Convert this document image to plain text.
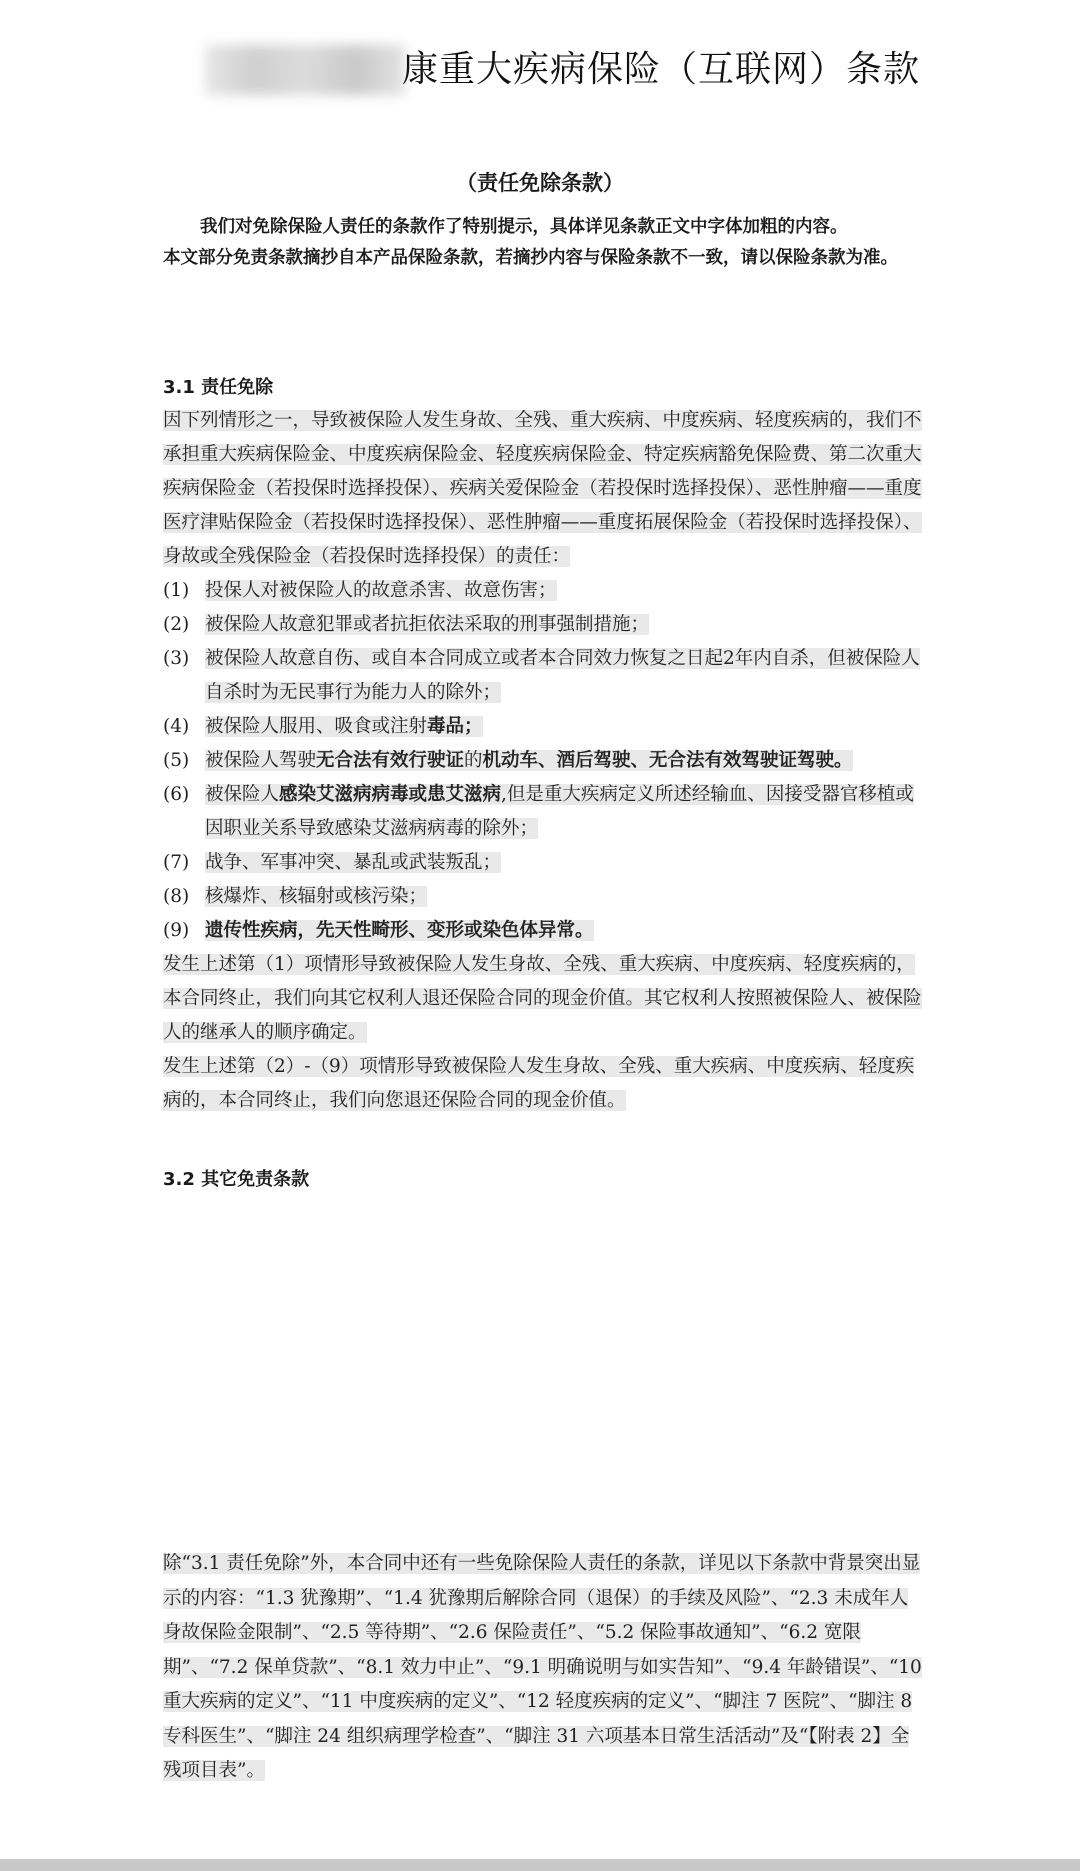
康重大疾病保险（互联网）条款
（责任免除条款）

我们对免除保险人责任的条款作了特别提示，具体详见条款正文中字体加粗的内容。

本文部分免责条款摘抄自本产品保险条款，若摘抄内容与保险条款不一致，请以保险条款为准。

3.1 责任免除

因下列情形之一，导致被保险人发生身故、全残、重大疾病、中度疾病、轻度疾病的，我们不承担重大疾病保险金、中度疾病保险金、轻度疾病保险金、特定疾病豁免保险费、第二次重大疾病保险金（若投保时选择投保）、疾病关爱保险金（若投保时选择投保）、恶性肿瘤——重度医疗津贴保险金（若投保时选择投保）、恶性肿瘤——重度拓展保险金（若投保时选择投保）、身故或全残保险金（若投保时选择投保）的责任：

(1) 投保人对被保险人的故意杀害、故意伤害；
(2) 被保险人故意犯罪或者抗拒依法采取的刑事强制措施；
(3) 被保险人故意自伤、或自本合同成立或者本合同效力恢复之日起2年内自杀，但被保险人自杀时为无民事行为能力人的除外；
(4) 被保险人服用、吸食或注射毒品；
(5) 被保险人驾驶无合法有效行驶证的机动车、酒后驾驶、无合法有效驾驶证驾驶。
(6) 被保险人感染艾滋病病毒或患艾滋病,但是重大疾病定义所述经输血、因接受器官移植或因职业关系导致感染艾滋病病毒的除外；
(7) 战争、军事冲突、暴乱或武装叛乱；
(8) 核爆炸、核辐射或核污染；
(9) 遗传性疾病，先天性畸形、变形或染色体异常。

发生上述第（1）项情形导致被保险人发生身故、全残、重大疾病、中度疾病、轻度疾病的，本合同终止，我们向其它权利人退还保险合同的现金价值。其它权利人按照被保险人、被保险人的继承人的顺序确定。

发生上述第（2）-（9）项情形导致被保险人发生身故、全残、重大疾病、中度疾病、轻度疾病的，本合同终止，我们向您退还保险合同的现金价值。

3.2 其它免责条款

除“3.1 责任免除”外，本合同中还有一些免除保险人责任的条款，详见以下条款中背景突出显示的内容：“1.3 犹豫期”、“1.4 犹豫期后解除合同（退保）的手续及风险”、“2.3 未成年人身故保险金限制”、“2.5 等待期”、“2.6 保险责任”、“5.2 保险事故通知”、“6.2 宽限期”、“7.2 保单贷款”、“8.1 效力中止”、“9.1 明确说明与如实告知”、“9.4 年龄错误”、“10 重大疾病的定义”、“11 中度疾病的定义”、“12 轻度疾病的定义”、“脚注 7 医院”、“脚注 8 专科医生”、“脚注 24 组织病理学检查”、“脚注 31 六项基本日常生活活动”及“【附表 2】全残项目表”。
